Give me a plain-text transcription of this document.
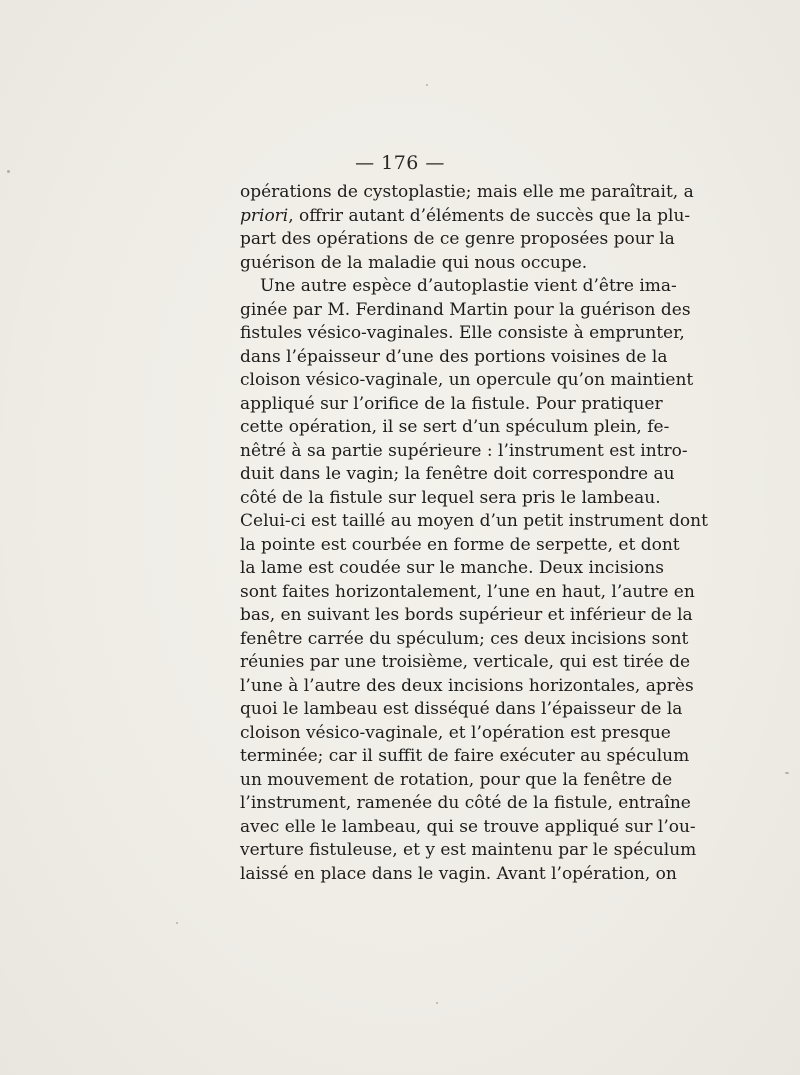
— 176 —
opérations de cystoplastie; mais elle me paraîtrait, a
priori, offrir autant d’éléments de succès que la plu-
part des opérations de ce genre proposées pour la
guérison de la maladie qui nous occupe.
Une autre espèce d’autoplastie vient d’être ima-
ginée par M. Ferdinand Martin pour la guérison des
fistules vésico-vaginales. Elle consiste à emprunter,
dans l’épaisseur d’une des portions voisines de la
cloison vésico-vaginale, un opercule qu’on maintient
appliqué sur l’orifice de la fistule. Pour pratiquer
cette opération, il se sert d’un spéculum plein, fe-
nêtré à sa partie supérieure : l’instrument est intro-
duit dans le vagin; la fenêtre doit correspondre au
côté de la fistule sur lequel sera pris le lambeau.
Celui-ci est taillé au moyen d’un petit instrument dont
la pointe est courbée en forme de serpette, et dont
la lame est coudée sur le manche. Deux incisions
sont faites horizontalement, l’une en haut, l’autre en
bas, en suivant les bords supérieur et inférieur de la
fenêtre carrée du spéculum; ces deux incisions sont
réunies par une troisième, verticale, qui est tirée de
l’une à l’autre des deux incisions horizontales, après
quoi le lambeau est disséqué dans l’épaisseur de la
cloison vésico-vaginale, et l’opération est presque
terminée; car il suffit de faire exécuter au spéculum
un mouvement de rotation, pour que la fenêtre de
l’instrument, ramenée du côté de la fistule, entraîne
avec elle le lambeau, qui se trouve appliqué sur l’ou-
verture fistuleuse, et y est maintenu par le spéculum
laissé en place dans le vagin. Avant l’opération, on
